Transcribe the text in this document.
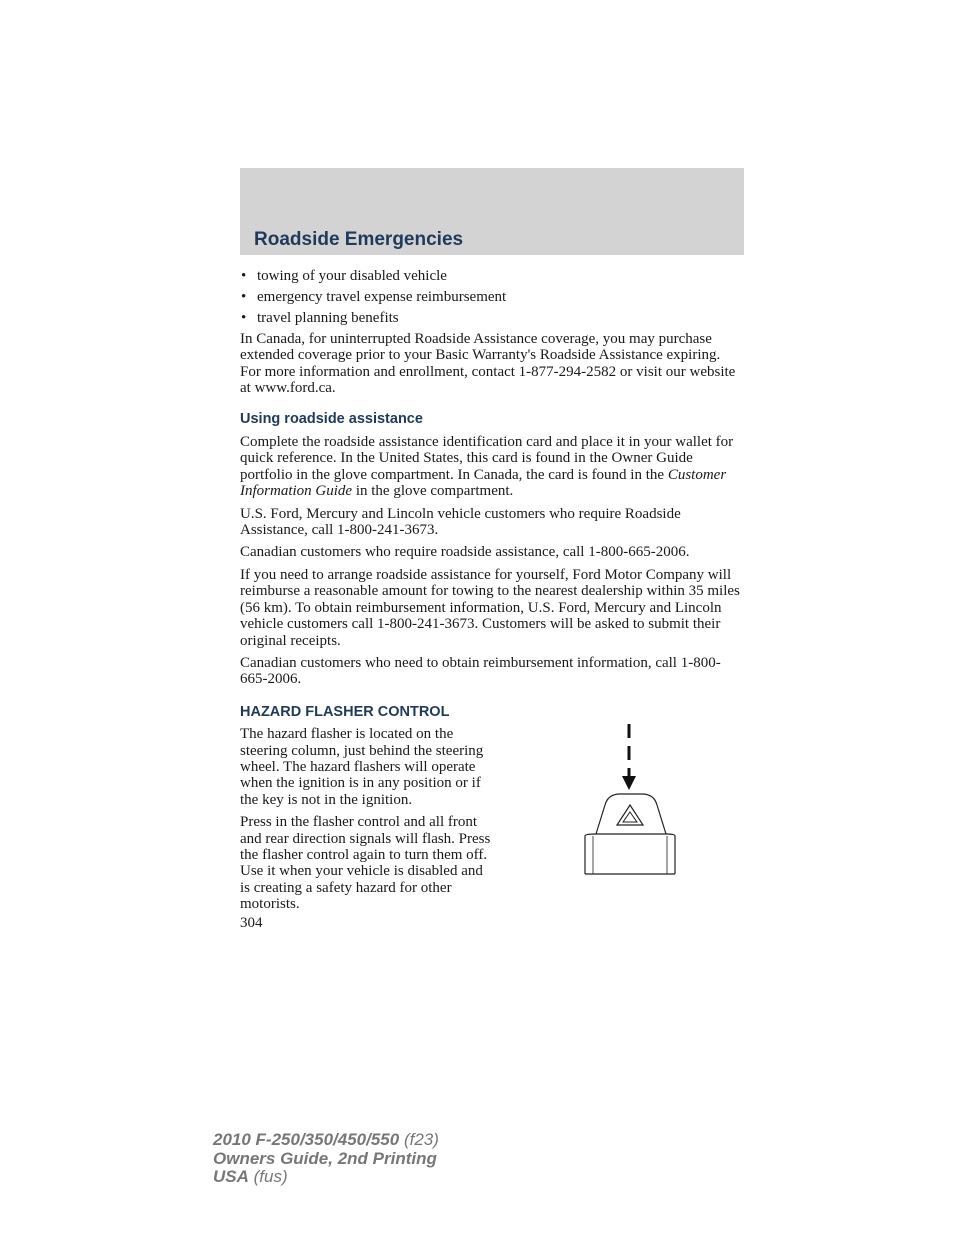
Roadside Emergencies
• towing of your disabled vehicle
• emergency travel expense reimbursement
• travel planning benefits

In Canada, for uninterrupted Roadside Assistance coverage, you may purchase extended coverage prior to your Basic Warranty's Roadside Assistance expiring. For more information and enrollment, contact 1-877-294-2582 or visit our website at www.ford.ca.

Using roadside assistance

Complete the roadside assistance identification card and place it in your wallet for quick reference. In the United States, this card is found in the Owner Guide portfolio in the glove compartment. In Canada, the card is found in the Customer Information Guide in the glove compartment.

U.S. Ford, Mercury and Lincoln vehicle customers who require Roadside Assistance, call 1-800-241-3673.

Canadian customers who require roadside assistance, call 1-800-665-2006.

If you need to arrange roadside assistance for yourself, Ford Motor Company will reimburse a reasonable amount for towing to the nearest dealership within 35 miles (56 km). To obtain reimbursement information, U.S. Ford, Mercury and Lincoln vehicle customers call 1-800-241-3673. Customers will be asked to submit their original receipts.

Canadian customers who need to obtain reimbursement information, call 1-800-665-2006.

HAZARD FLASHER CONTROL

The hazard flasher is located on the steering column, just behind the steering wheel. The hazard flashers will operate when the ignition is in any position or if the key is not in the ignition.

Press in the flasher control and all front and rear direction signals will flash. Press the flasher control again to turn them off. Use it when your vehicle is disabled and is creating a safety hazard for other motorists.

304
2010 F-250/350/450/550 (f23)
Owners Guide, 2nd Printing
USA (fus)
